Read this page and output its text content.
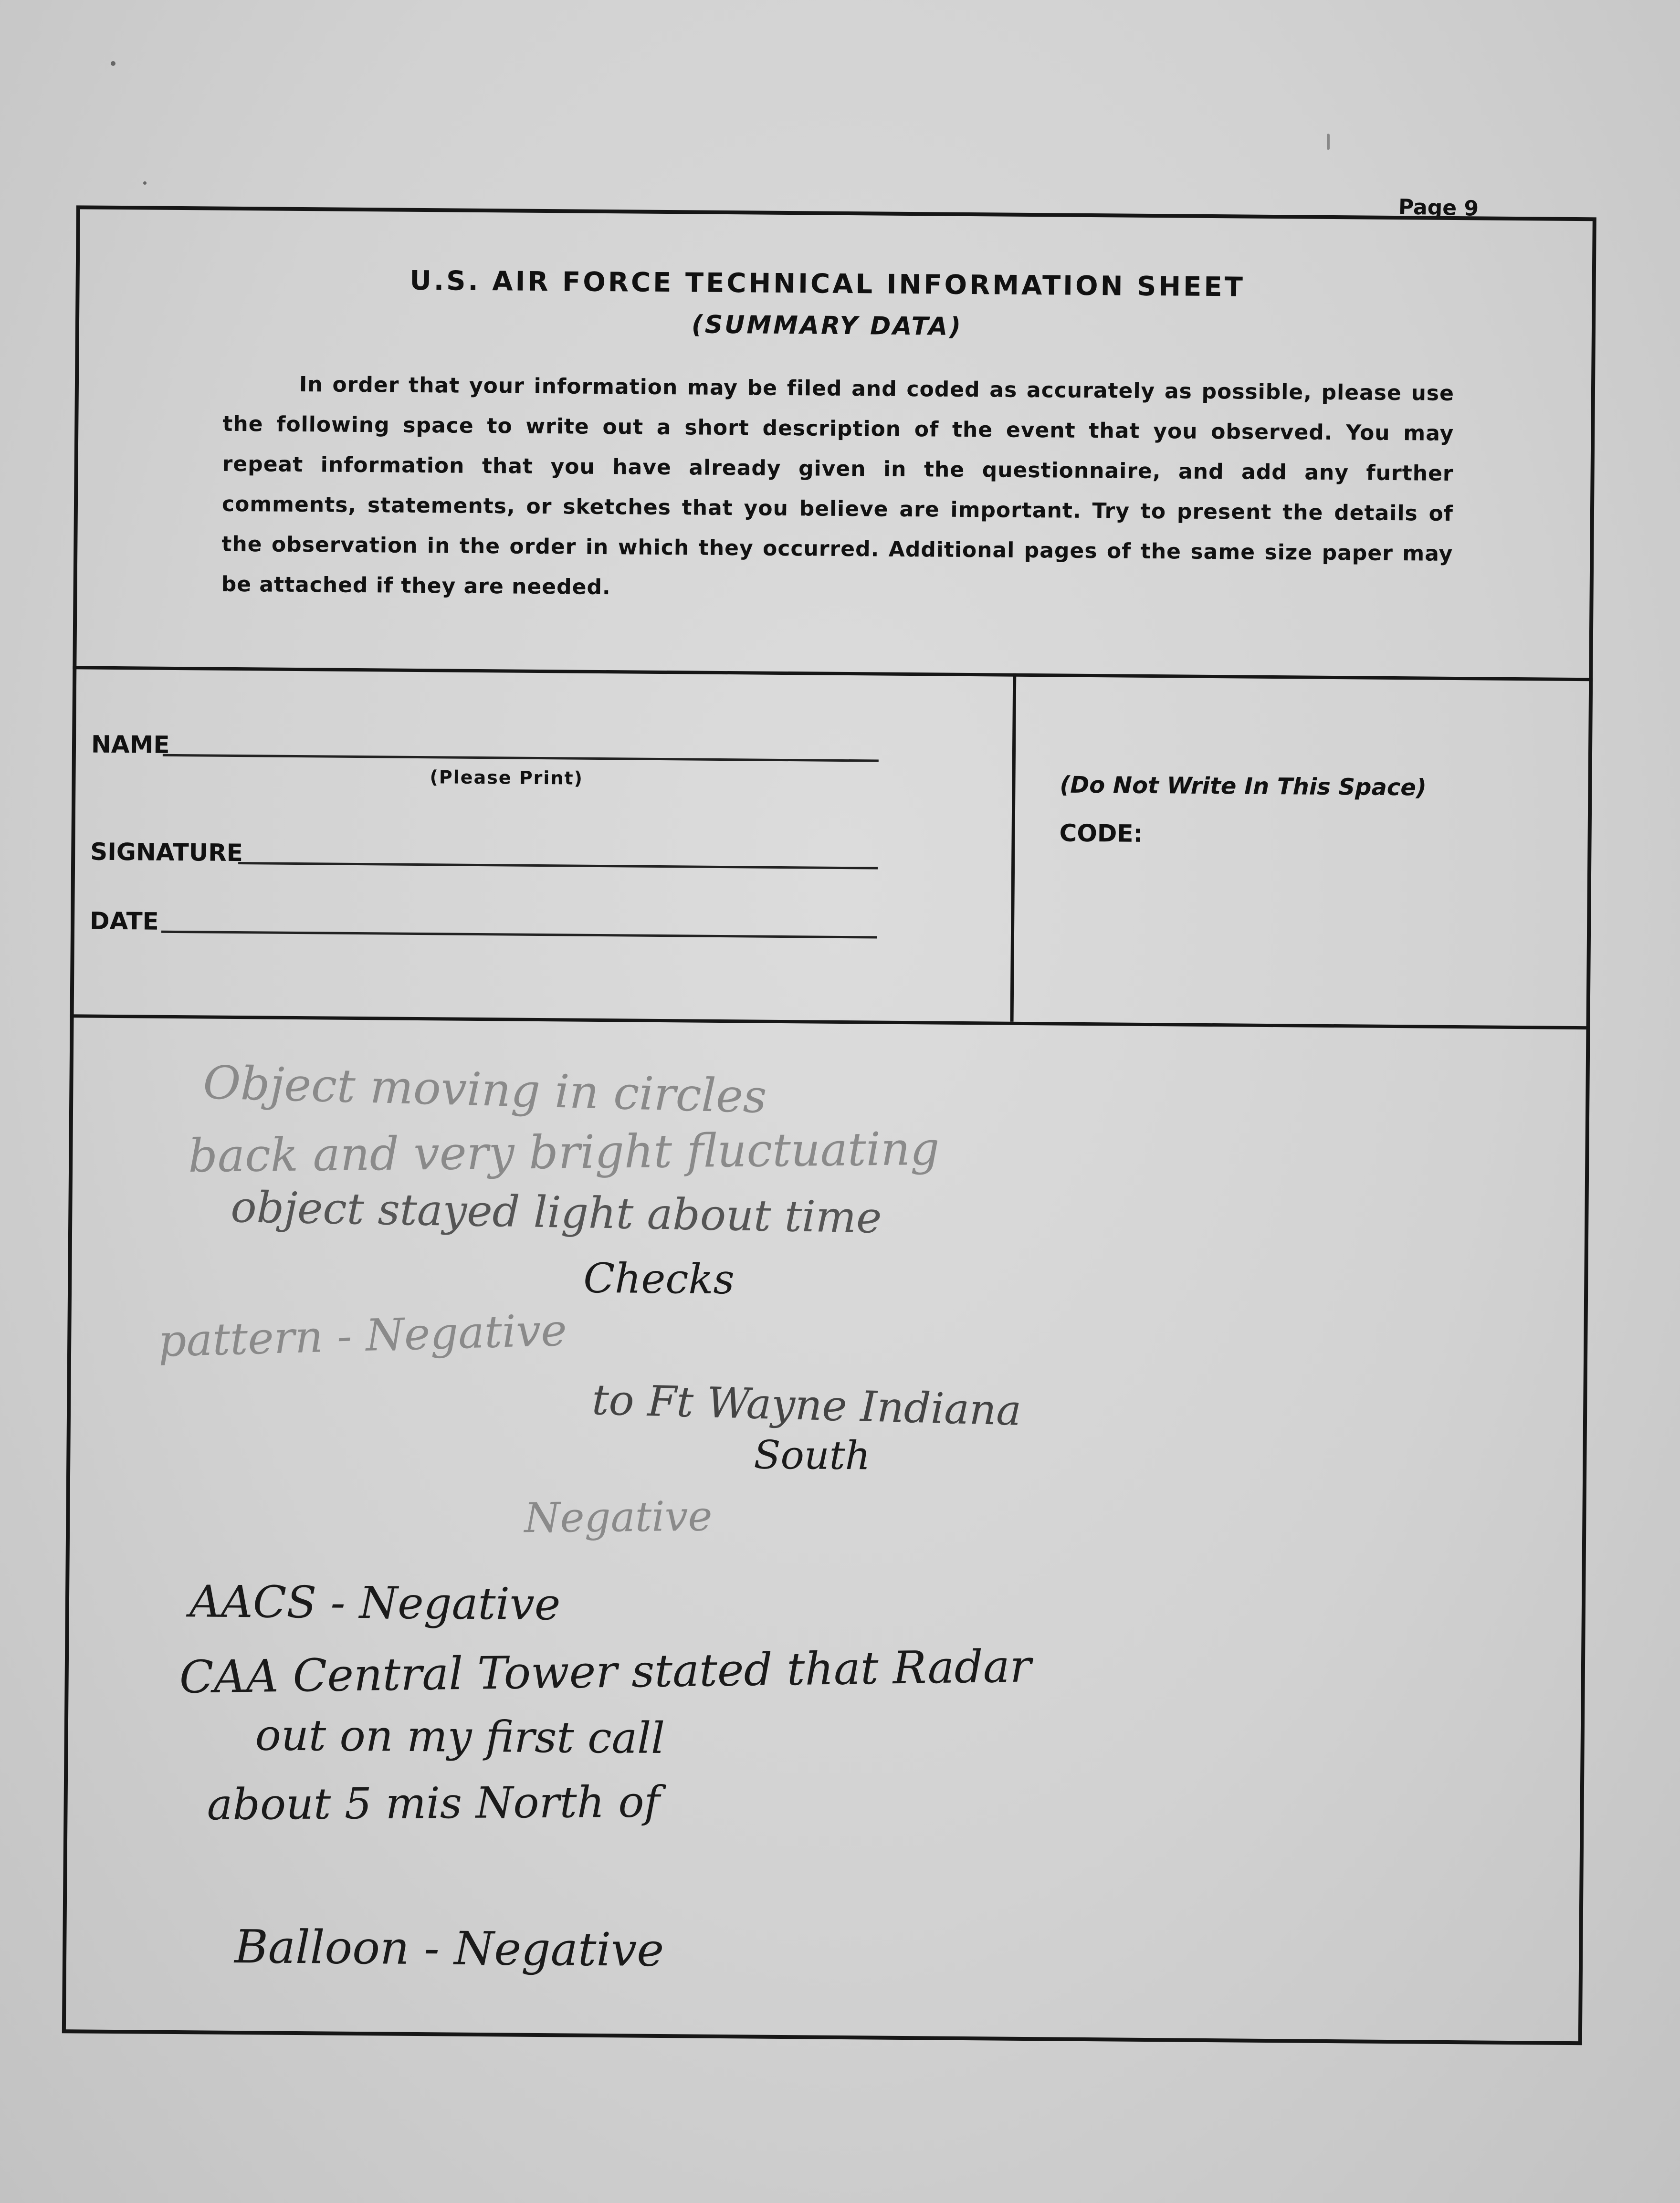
Page 9
U.S. AIR FORCE TECHNICAL INFORMATION SHEET
(SUMMARY DATA)
In order that your information may be filed and coded as accurately as possible, please use the following space to write out a short description of the event that you observed. You may repeat information that you have already given in the questionnaire, and add any further comments, statements, or sketches that you believe are important. Try to present the details of the observation in the order in which they occurred. Additional pages of the same size paper may be attached if they are needed.
NAME
(Please Print)
SIGNATURE
DATE
(Do Not Write In This Space)
CODE:
Object moving in circles
back and very bright fluctuating
object stayed light about time
Checks
pattern - Negative
to Ft Wayne Indiana
South
Negative
AACS - Negative
CAA Central Tower stated that Radar
out on my first call
about 5 mis North of
Balloon - Negative
